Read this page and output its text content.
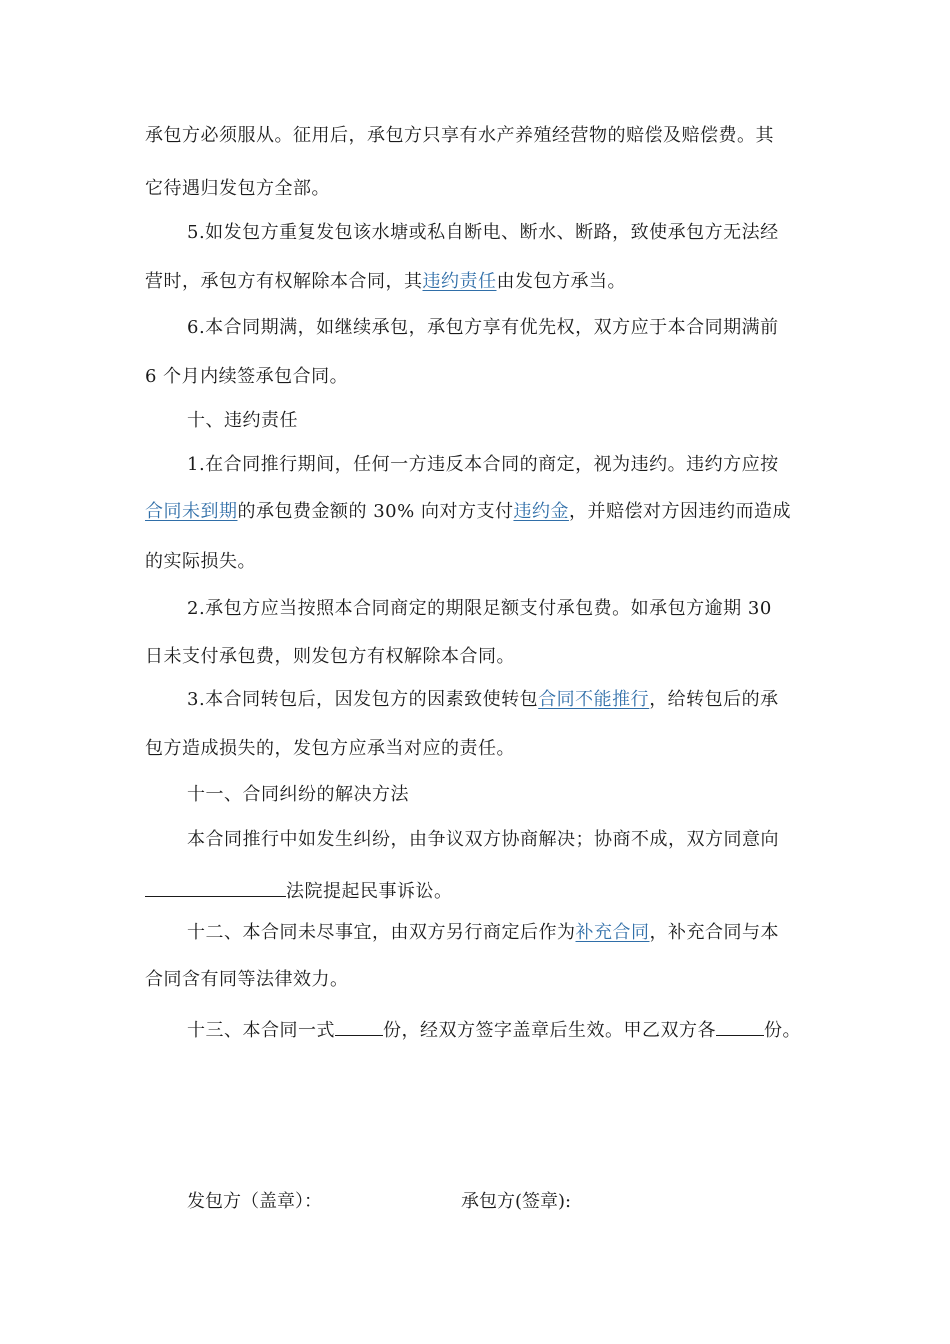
承包方必须服从。征用后，承包方只享有水产养殖经营物的赔偿及赔偿费。其
它待遇归发包方全部。
5.如发包方重复发包该水塘或私自断电、断水、断路，致使承包方无法经
营时，承包方有权解除本合同，其违约责任由发包方承当。
6.本合同期满，如继续承包，承包方享有优先权，双方应于本合同期满前
6 个月内续签承包合同。
十、违约责任
1.在合同推行期间，任何一方违反本合同的商定，视为违约。违约方应按
合同未到期的承包费金额的 30% 向对方支付违约金，并赔偿对方因违约而造成
的实际损失。
2.承包方应当按照本合同商定的期限足额支付承包费。如承包方逾期 30
日未支付承包费，则发包方有权解除本合同。
3.本合同转包后，因发包方的因素致使转包合同不能推行，给转包后的承
包方造成损失的，发包方应承当对应的责任。
十一、合同纠纷的解决方法
本合同推行中如发生纠纷，由争议双方协商解决；协商不成，双方同意向
法院提起民事诉讼。
十二、本合同未尽事宜，由双方另行商定后作为补充合同，补充合同与本
合同含有同等法律效力。
十三、本合同一式	份，经双方签字盖章后生效。甲乙双方各	份。
发包方（盖章）：	承包方(签章):
